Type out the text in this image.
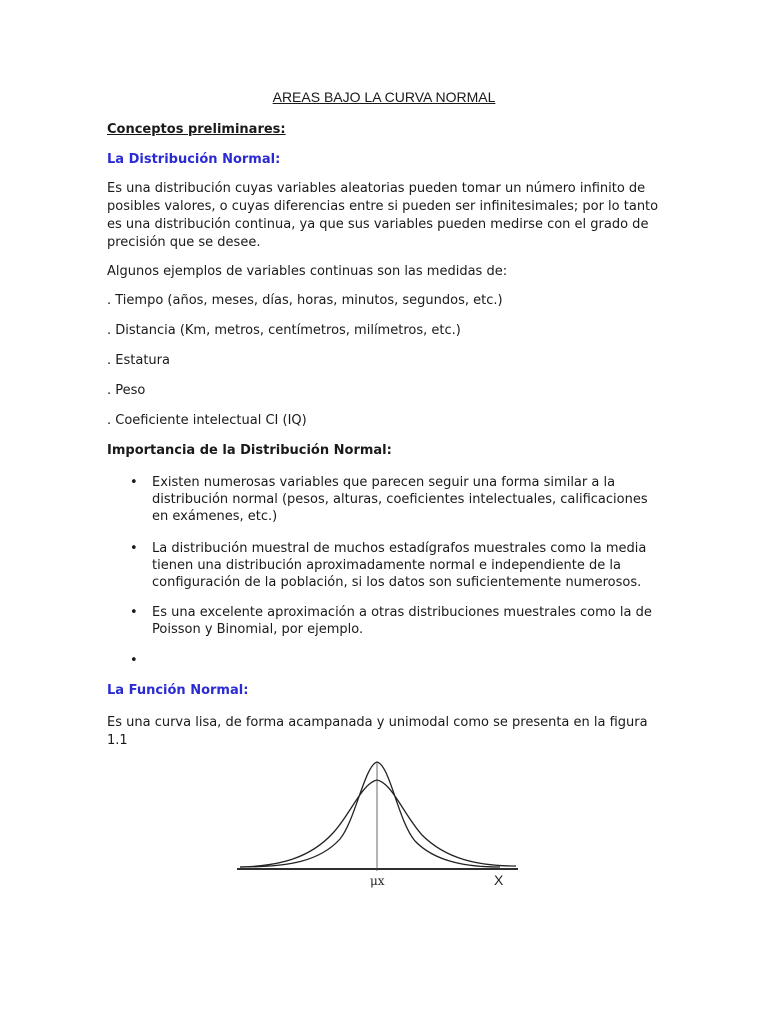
AREAS BAJO LA CURVA NORMAL
Conceptos preliminares:
La Distribución Normal:
Es una distribución cuyas variables aleatorias pueden tomar un número infinito de posibles valores, o cuyas diferencias entre si pueden ser infinitesimales; por lo tanto es una distribución continua, ya que sus variables pueden medirse con el grado de precisión que se desee.
Algunos ejemplos de variables continuas son las medidas de:
. Tiempo (años, meses, días, horas, minutos, segundos, etc.)
. Distancia (Km, metros, centímetros, milímetros, etc.)
. Estatura
. Peso
. Coeficiente intelectual CI (IQ)
Importancia de la Distribución Normal:
• Existen numerosas variables que parecen seguir una forma similar a la distribución normal (pesos, alturas, coeficientes intelectuales, calificaciones en exámenes, etc.)
• La distribución muestral de muchos estadígrafos muestrales como la media tienen una distribución aproximadamente normal e independiente de la configuración de la población, si los datos son suficientemente numerosos.
• Es una excelente aproximación a otras distribuciones muestrales como la de Poisson y Binomial, por ejemplo.
•
La Función Normal:
Es una curva lisa, de forma acampanada y unimodal como se presenta en la figura 1.1
μx	X
